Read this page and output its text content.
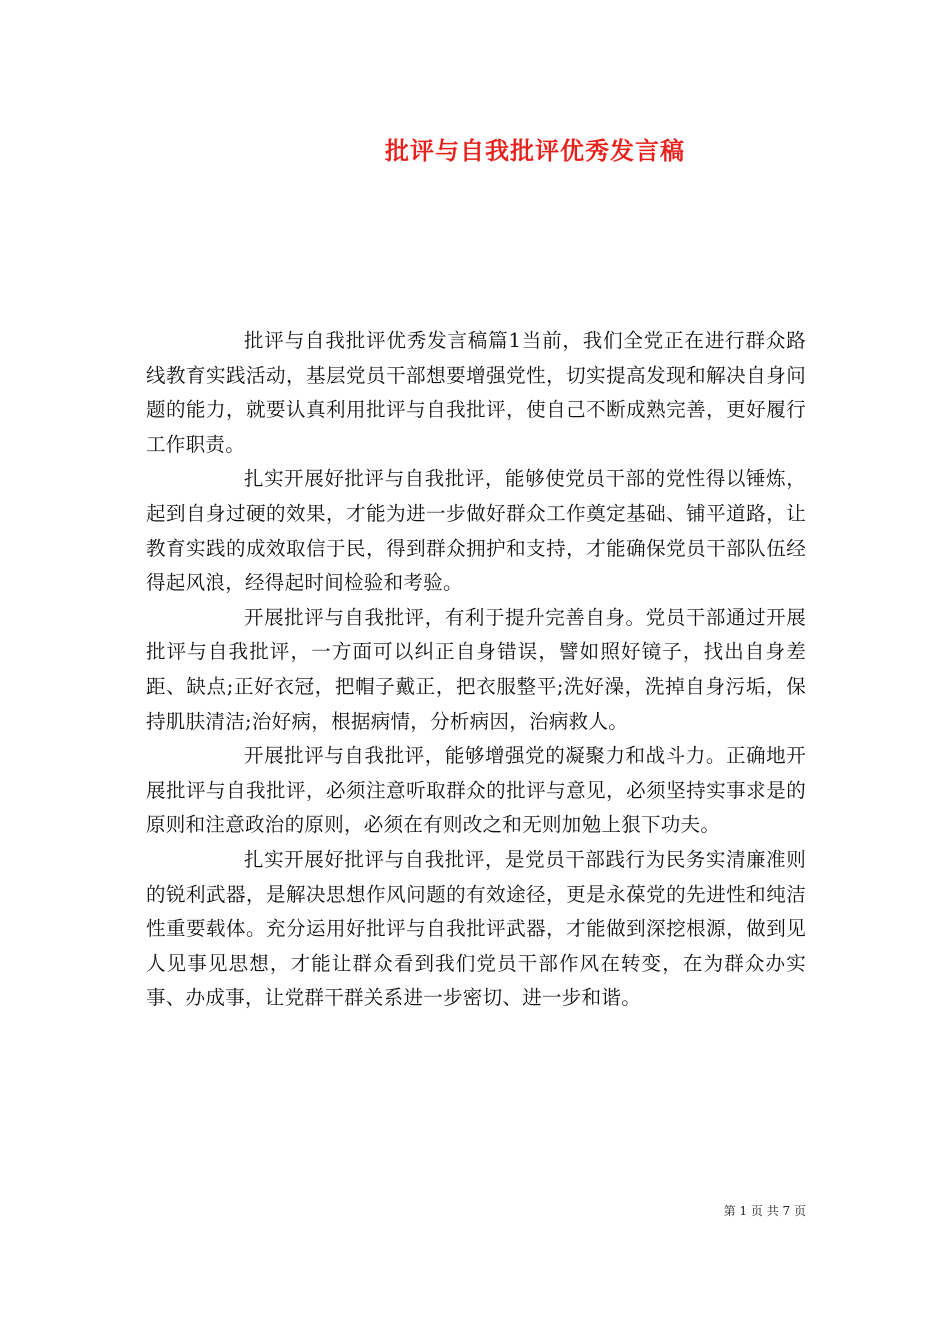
批评与自我批评优秀发言稿

批评与自我批评优秀发言稿篇1当前，我们全党正在进行群众路线教育实践活动，基层党员干部想要增强党性，切实提高发现和解决自身问题的能力，就要认真利用批评与自我批评，使自己不断成熟完善，更好履行工作职责。

扎实开展好批评与自我批评，能够使党员干部的党性得以锤炼，起到自身过硬的效果，才能为进一步做好群众工作奠定基础、铺平道路，让教育实践的成效取信于民，得到群众拥护和支持，才能确保党员干部队伍经得起风浪，经得起时间检验和考验。

开展批评与自我批评，有利于提升完善自身。党员干部通过开展批评与自我批评，一方面可以纠正自身错误，譬如照好镜子，找出自身差距、缺点;正好衣冠，把帽子戴正，把衣服整平;洗好澡，洗掉自身污垢，保持肌肤清洁;治好病，根据病情，分析病因，治病救人。

开展批评与自我批评，能够增强党的凝聚力和战斗力。正确地开展批评与自我批评，必须注意听取群众的批评与意见，必须坚持实事求是的原则和注意政治的原则，必须在有则改之和无则加勉上狠下功夫。

扎实开展好批评与自我批评，是党员干部践行为民务实清廉准则的锐利武器，是解决思想作风问题的有效途径，更是永葆党的先进性和纯洁性重要载体。充分运用好批评与自我批评武器，才能做到深挖根源，做到见人见事见思想，才能让群众看到我们党员干部作风在转变，在为群众办实事、办成事，让党群干群关系进一步密切、进一步和谐。

第 1 页 共 7 页
